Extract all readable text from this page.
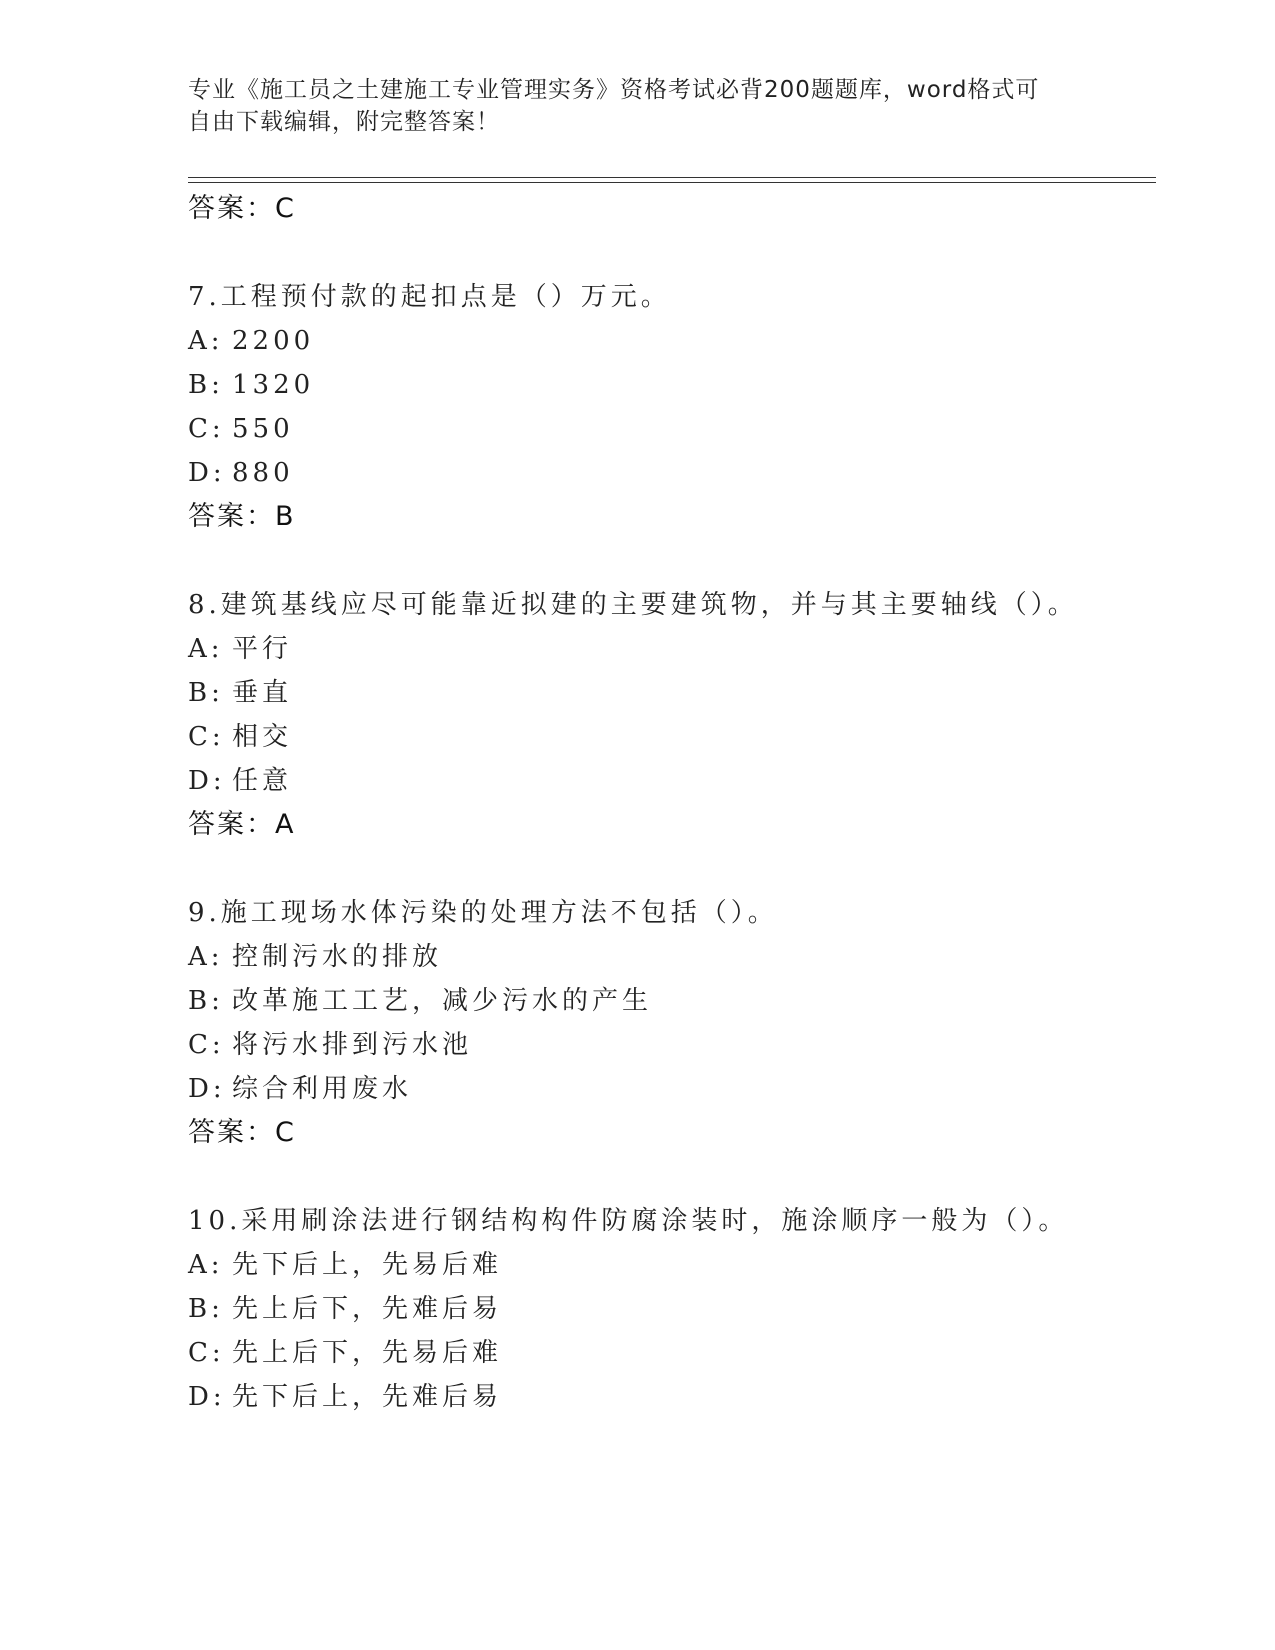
专业《施工员之土建施工专业管理实务》资格考试必背200题题库，word格式可
自由下载编辑，附完整答案！
答案：C
7.工程预付款的起扣点是（）万元。
A: 2200
B: 1320
C: 550
D: 880
答案：B
8.建筑基线应尽可能靠近拟建的主要建筑物，并与其主要轴线（）。
A: 平行
B: 垂直
C: 相交
D: 任意
答案：A
9.施工现场水体污染的处理方法不包括（）。
A: 控制污水的排放
B: 改革施工工艺，减少污水的产生
C: 将污水排到污水池
D: 综合利用废水
答案：C
10.采用刷涂法进行钢结构构件防腐涂装时，施涂顺序一般为（）。
A: 先下后上，先易后难
B: 先上后下，先难后易
C: 先上后下，先易后难
D: 先下后上，先难后易
